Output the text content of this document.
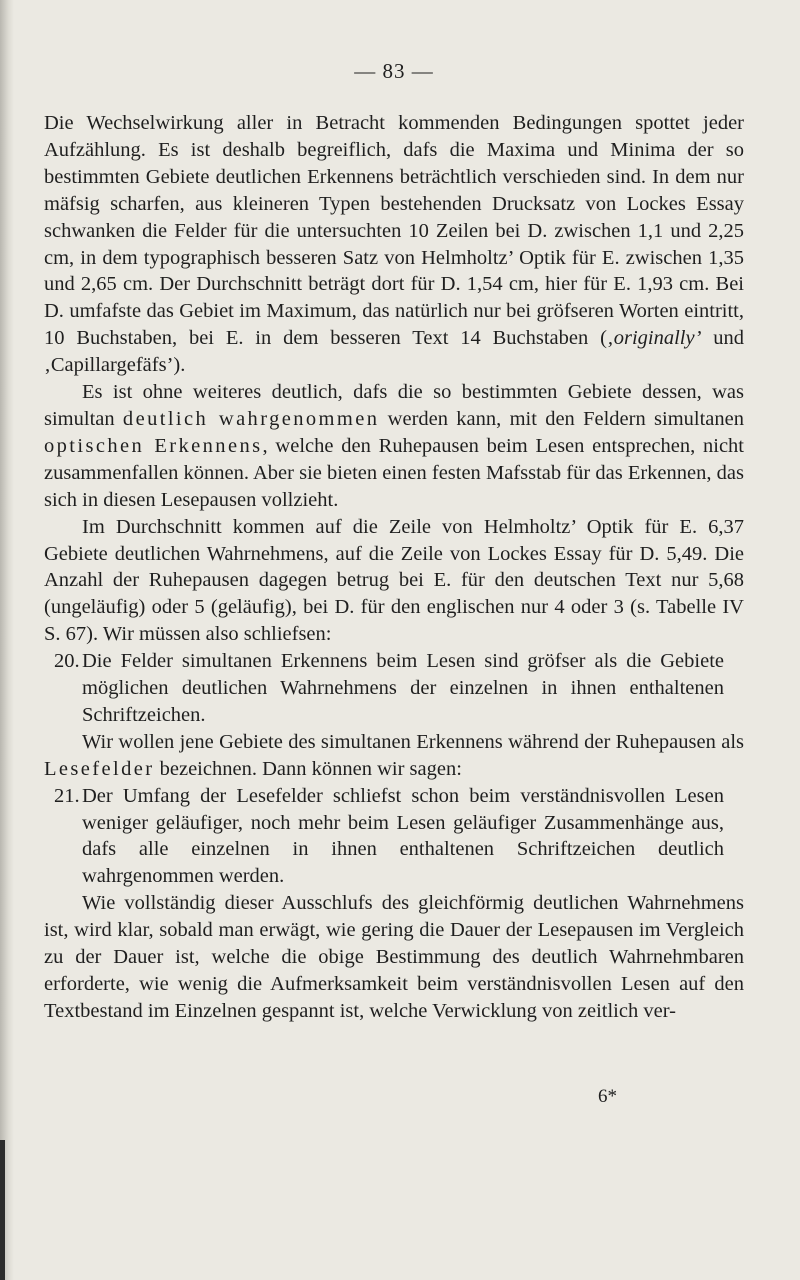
— 83 —

Die Wechselwirkung aller in Betracht kommenden Bedingungen spottet jeder Aufzählung. Es ist deshalb begreiflich, dafs die Maxima und Minima der so bestimmten Gebiete deutlichen Erkennens beträchtlich verschieden sind. In dem nur mäfsig scharfen, aus kleineren Typen bestehenden Drucksatz von Lockes Essay schwanken die Felder für die untersuchten 10 Zeilen bei D. zwischen 1,1 und 2,25 cm, in dem typographisch besseren Satz von Helmholtz’ Optik für E. zwischen 1,35 und 2,65 cm. Der Durchschnitt beträgt dort für D. 1,54 cm, hier für E. 1,93 cm. Bei D. umfafste das Gebiet im Maximum, das natürlich nur bei gröfseren Worten eintritt, 10 Buchstaben, bei E. in dem besseren Text 14 Buchstaben (‚originally’ und ‚Capillargefäfs’).

Es ist ohne weiteres deutlich, dafs die so bestimmten Gebiete dessen, was simultan deutlich wahrgenommen werden kann, mit den Feldern simultanen optischen Erkennens, welche den Ruhepausen beim Lesen entsprechen, nicht zusammenfallen können. Aber sie bieten einen festen Mafsstab für das Erkennen, das sich in diesen Lesepausen vollzieht.

Im Durchschnitt kommen auf die Zeile von Helmholtz’ Optik für E. 6,37 Gebiete deutlichen Wahrnehmens, auf die Zeile von Lockes Essay für D. 5,49. Die Anzahl der Ruhepausen dagegen betrug bei E. für den deutschen Text nur 5,68 (ungeläufig) oder 5 (geläufig), bei D. für den englischen nur 4 oder 3 (s. Tabelle IV S. 67). Wir müssen also schliefsen:

20. Die Felder simultanen Erkennens beim Lesen sind gröfser als die Gebiete möglichen deutlichen Wahrnehmens der einzelnen in ihnen enthaltenen Schriftzeichen.

Wir wollen jene Gebiete des simultanen Erkennens während der Ruhepausen als Lesefelder bezeichnen. Dann können wir sagen:

21. Der Umfang der Lesefelder schliefst schon beim verständnisvollen Lesen weniger geläufiger, noch mehr beim Lesen geläufiger Zusammenhänge aus, dafs alle einzelnen in ihnen enthaltenen Schriftzeichen deutlich wahrgenommen werden.

Wie vollständig dieser Ausschlufs des gleichförmig deutlichen Wahrnehmens ist, wird klar, sobald man erwägt, wie gering die Dauer der Lesepausen im Vergleich zu der Dauer ist, welche die obige Bestimmung des deutlich Wahrnehmbaren erforderte, wie wenig die Aufmerksamkeit beim verständnisvollen Lesen auf den Textbestand im Einzelnen gespannt ist, welche Verwicklung von zeitlich ver-

6*
